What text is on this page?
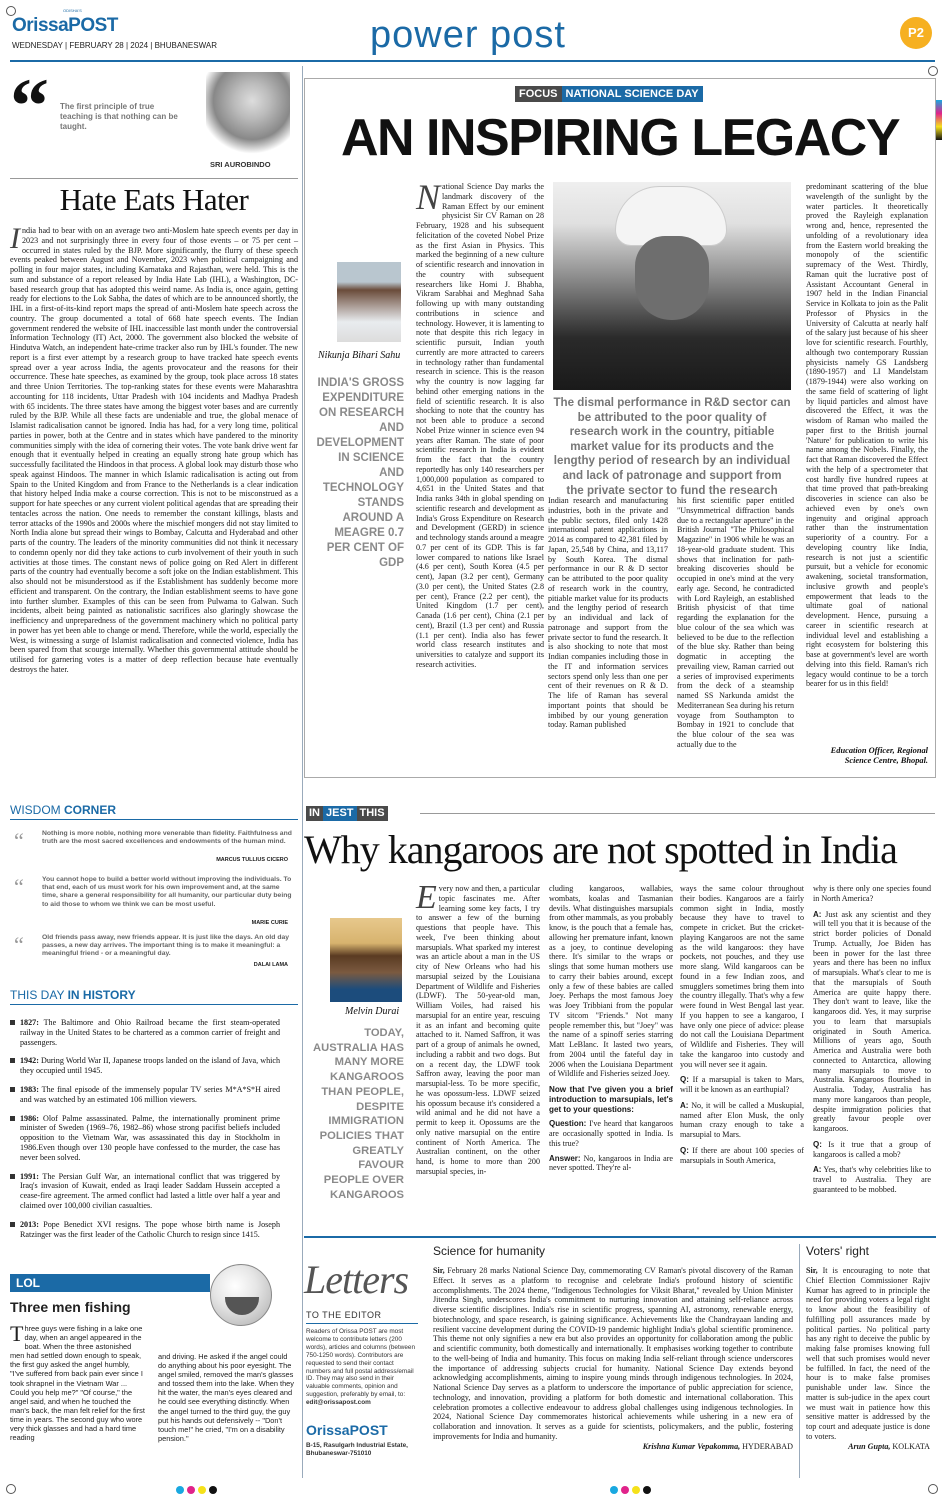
ODISHA'S
OrissaPOST
WEDNESDAY | FEBRUARY 28 | 2024 | BHUBANESWAR	power post	P2
“ The first principle of true teaching is that nothing can be taught.
SRI AUROBINDO
Hate Eats Hater
I ndia had to bear with on an average two anti-Moslem hate speech events per day in 2023 and not surprisingly three in every four of those events – or 75 per cent – occurred in states ruled by the BJP. More significantly, the flurry of these speech events peaked between August and November, 2023 when political campaigning and polling in four major states, including Karnataka and Rajasthan, were held. This is the sum and substance of a report released by India Hate Lab (IHL), a Washington, DC-based research group that has adopted this weird name. As India is, once again, getting ready for elections to the Lok Sabha, the dates of which are to be announced shortly, the IHL in a first-of-its-kind report maps the spread of anti-Moslem hate speech across the country. The group documented a total of 668 hate speech events. The Indian government rendered the website of IHL inaccessible last month under the controversial Information Technology (IT) Act, 2000. The government also blocked the website of Hindutva Watch, an independent hate-crime tracker also run by IHL's founder. The new report is a first ever attempt by a research group to have tracked hate speech events spread over a year across India, the agents provocateur and the reasons for their occurrence. These hate speeches, as examined by the group, took place across 18 states and three Union Territories. The top-ranking states for these events were Maharashtra accounting for 118 incidents, Uttar Pradesh with 104 incidents and Madhya Pradesh with 65 incidents. The three states have among the biggest voter bases and are currently ruled by the BJP. While all these facts are undeniable and true, the global menace of Islamist radicalisation cannot be ignored. India has had, for a very long time, political parties in power, both at the Centre and in states which have pandered to the minority communities simply with the idea of cornering their votes. The vote bank drive went far enough that it eventually helped in creating an equally strong hate group which has successfully facilitated the Hindoos in that process. A global look may disturb those who speak against Hindoos. The manner in which Islamic radicalisation is acting out from Spain to the United Kingdom and from France to the Netherlands is a clear indication that history helped India make a course correction. This is not to be misconstrued as a support for hate speeches or any current violent political agendas that are spreading their tentacles across the nation. One needs to remember the constant killings, blasts and terror attacks of the 1990s and 2000s where the mischief mongers did not stay limited to North India alone but spread their wings to Bombay, Calcutta and Hyderabad and other parts of the country. The leaders of the minority communities did not think it necessary to condemn openly nor did they take actions to curb involvement of their youth in such activities at those times. The constant news of police going on Red Alert in different parts of the country had eventually become a soft joke on the Indian establishment. This also should not be misunderstood as if the Establishment has suddenly become more efficient and transparent. On the contrary, the Indian establishment seems to have gone into further slumber. Examples of this can be seen from Pulwama to Galwan. Such incidents, albeit being painted as nationalistic sacrifices also glaringly showcase the inefficiency and unpreparedness of the government machinery which no political party in power has yet been able to change or mend. Therefore, while the world, especially the West, is witnessing a surge of Islamist radicalisation and connected violence, India has been spared from that scourge internally. Whether this governmental attitude should be utilised for garnering votes is a matter of deep reflection because hate eventually destroys the hater.
WISDOM CORNER
“	Nothing is more noble, nothing more venerable than fidelity. Faithfulness and truth are the most sacred excellences and endowments of the human mind.
MARCUS TULLIUS CICERO
“	You cannot hope to build a better world without improving the individuals. To that end, each of us must work for his own improvement and, at the same time, share a general responsibility for all humanity, our particular duty being to aid those to whom we think we can be most useful.
MARIE CURIE
“	Old friends pass away, new friends appear. It is just like the days. An old day passes, a new day arrives. The important thing is to make it meaningful: a meaningful friend - or a meaningful day.
DALAI LAMA
THIS DAY IN HISTORY
1827: The Baltimore and Ohio Railroad became the first steam-operated railway in the United States to be chartered as a common carrier of freight and passengers.
1942: During World War II, Japanese troops landed on the island of Java, which they occupied until 1945.
1983: The final episode of the immensely popular TV series M*A*S*H aired and was watched by an estimated 106 million viewers.
1986: Olof Palme assassinated. Palme, the internationally prominent prime minister of Sweden (1969–76, 1982–86) whose strong pacifist beliefs included opposition to the Vietnam War, was assassinated this day in Stockholm in 1986.Even though over 130 people have confessed to the murder, the case has never been solved.
1991: The Persian Gulf War, an international conflict that was triggered by Iraq's invasion of Kuwait, ended as Iraqi leader Saddam Hussein accepted a cease-fire agreement. The armed conflict had lasted a little over half a year and claimed over 100,000 civilian casualties.
2013: Pope Benedict XVI resigns. The pope whose birth name is Joseph Ratzinger was the first leader of the Catholic Church to resign since 1415.
LOL
Three men fishing
Three guys were fishing in a lake one day, when an angel appeared in the boat. When the three astonished men had settled down enough to speak, the first guy asked the angel humbly, "I've suffered from back pain ever since I took shrapnel in the Vietnam War ... Could you help me?" "Of course," the angel said, and when he touched the man's back, the man felt relief for the first time in years. The second guy who wore very thick glasses and had a hard time reading
and driving. He asked if the angel could do anything about his poor eyesight. The angel smiled, removed the man's glasses and tossed them into the lake. When they hit the water, the man's eyes cleared and he could see everything distinctly. When the angel turned to the third guy, the guy put his hands out defensively -- "Don't touch me!" he cried, "I'm on a disability pension."
FOCUS NATIONAL SCIENCE DAY
AN INSPIRING LEGACY
Nikunja Bihari Sahu
INDIA'S GROSS EXPENDITURE ON RESEARCH AND DEVELOPMENT IN SCIENCE AND TECHNOLOGY STANDS AROUND A MEAGRE 0.7 PER CENT OF GDP
National Science Day marks the landmark discovery of the Raman Effect by our eminent physicist Sir CV Raman on 28 February, 1928 and his subsequent felicitation of the coveted Nobel Prize as the first Asian in Physics. This marked the beginning of a new culture of scientific research and innovation in the country with subsequent researchers like Homi J. Bhabha, Vikram Sarabhai and Meghnad Saha following up with many outstanding contributions in science and technology. However, it is lamenting to note that despite this rich legacy in scientific pursuit, Indian youth currently are more attracted to careers in technology rather than fundamental research in science. This is the reason why the country is now lagging far behind other emerging nations in the field of scientific research. It is also shocking to note that the country has not been able to produce a second Nobel Prize winner in science even 94 years after Raman. The state of poor scientific research in India is evident from the fact that the country reportedly has only 140 researchers per 1,000,000 population as compared to 4,651 in the United States and that India ranks 34th in global spending on scientific research and development as India's Gross Expenditure on Research and Development (GERD) in science and technology stands around a meagre 0.7 per cent of its GDP. This is far lower compared to nations like Israel (4.6 per cent), South Korea (4.5 per cent), Japan (3.2 per cent), Germany (3.0 per cent), the United States (2.8 per cent), France (2.2 per cent), the United Kingdom (1.7 per cent), Canada (1.6 per cent), China (2.1 per cent), Brazil (1.3 per cent) and Russia (1.1 per cent). India also has fewer world class research institutes and universities to catalyze and support its research activities.
The dismal performance in R&D sector can be attributed to the poor quality of research work in the country, pitiable market value for its products and the lengthy period of research by an individual and lack of patronage and support from the private sector to fund the research
Indian research and manufacturing industries, both in the private and the public sectors, filed only 1428 international patent applications in 2014 as compared to 42,381 filed by Japan, 25,548 by China, and 13,117 by South Korea. The dismal performance in our R & D sector can be attributed to the poor quality of research work in the country, pitiable market value for its products and the lengthy period of research by an individual and lack of patronage and support from the private sector to fund the research. It is also shocking to note that most Indian companies including those in the IT and information services sectors spend only less than one per cent of their revenues on R & D. The life of Raman has several important points that should be imbibed by our young generation today. Raman published
his first scientific paper entitled "Unsymmetrical diffraction bands due to a rectangular aperture" in the British Journal "The Philosophical Magazine" in 1906 while he was an 18-year-old graduate student. This shows that inclination for path-breaking discoveries should be occupied in one's mind at the very early age. Second, he contradicted with Lord Rayleigh, an established British physicist of that time regarding the explanation for the blue colour of the sea which was believed to be due to the reflection of the blue sky. Rather than being dogmatic in accepting the prevailing view, Raman carried out a series of improvised experiments from the deck of a steamship named SS Narkunda amidst the Mediterranean Sea during his return voyage from Southampton to Bombay in 1921 to conclude that the blue colour of the sea was actually due to the
predominant scattering of the blue wavelength of the sunlight by the water particles. It theoretically proved the Rayleigh explanation wrong and, hence, represented the unfolding of a revolutionary idea from the Eastern world breaking the monopoly of the scientific supremacy of the West. Thirdly, Raman quit the lucrative post of Assistant Accountant General in 1907 held in the Indian Financial Service in Kolkata to join as the Palit Professor of Physics in the University of Calcutta at nearly half of the salary just because of his sheer love for scientific research. Fourthly, although two contemporary Russian physicists namely GS Landsberg (1890-1957) and LI Mandelstam (1879-1944) were also working on the same field of scattering of light by liquid particles and almost have discovered the Effect, it was the wisdom of Raman who mailed the paper first to the British journal 'Nature' for publication to write his name among the Nobels. Finally, the fact that Raman discovered the Effect with the help of a spectrometer that cost hardly five hundred rupees at that time proved that path-breaking discoveries in science can also be achieved even by one's own ingenuity and original approach rather than the instrumentation superiority of a country. For a developing country like India, research is not just a scientific pursuit, but a vehicle for economic awakening, societal transformation, inclusive growth and people's empowerment that leads to the ultimate goal of national development. Hence, pursuing a career in scientific research at individual level and establishing a right ecosystem for bolstering this base at government's level are worth delving into this field. Raman's rich legacy would continue to be a torch bearer for us in this field!
Education Officer, Regional Science Centre, Bhopal.
IN JEST THIS
Why kangaroos are not spotted in India
Melvin Durai
TODAY, AUSTRALIA HAS MANY MORE KANGAROOS THAN PEOPLE, DESPITE IMMIGRATION POLICIES THAT GREATLY FAVOUR PEOPLE OVER KANGAROOS
Every now and then, a particular topic fascinates me. After learning some key facts, I try to answer a few of the burning questions that people have. This week, I've been thinking about marsupials. What sparked my interest was an article about a man in the US city of New Orleans who had his marsupial seized by the Louisiana Department of Wildlife and Fisheries (LDWF). The 50-year-old man, William Voiles, had raised his marsupial for an entire year, rescuing it as an infant and becoming quite attached to it. Named Saffron, it was part of a group of animals he owned, including a rabbit and two dogs. But on a recent day, the LDWF took Saffron away, leaving the poor man marsupial-less. To be more specific, he was opossum-less. LDWF seized his opossum because it's considered a wild animal and he did not have a permit to keep it. Opossums are the only native marsupial on the entire continent of North America. The Australian continent, on the other hand, is home to more than 200 marsupial species, in-

cluding kangaroos, wallabies, wombats, koalas and Tasmanian devils. What distinguishes marsupials from other mammals, as you probably know, is the pouch that a female has, allowing her premature infant, known as a joey, to continue developing there. It's similar to the wraps or slings that some human mothers use to carry their babies around, except only a few of these babies are called Joey. Perhaps the most famous Joey was Joey Tribbiani from the popular TV sitcom "Friends." Not many people remember this, but "Joey" was the name of a spinoff series starring Matt LeBlanc. It lasted two years, from 2004 until the fateful day in 2006 when the Louisiana Department of Wildlife and Fisheries seized Joey.

Now that I've given you a brief introduction to marsupials, let's get to your questions:

Question: I've heard that kangaroos are occasionally spotted in India. Is this true?

Answer: No, kangaroos in India are never spotted. They're al-

ways the same colour throughout their bodies. Kangaroos are a fairly common sight in India, mostly because they have to travel to compete in cricket. But the cricket-playing Kangaroos are not the same as the wild kangaroos: they have pockets, not pouches, and they use more slang. Wild kangaroos can be found in a few Indian zoos, and smugglers sometimes bring them into the country illegally. That's why a few were found in West Bengal last year. If you happen to see a kangaroo, I have only one piece of advice: please do not call the Louisiana Department of Wildlife and Fisheries. They will take the kangaroo into custody and you will never see it again.

Q: If a marsupial is taken to Mars, will it be known as an earthupial?

A: No, it will be called a Muskupial, named after Elon Musk, the only human crazy enough to take a marsupial to Mars.

Q: If there are about 100 species of marsupials in South America,

why is there only one species found in North America?

A: Just ask any scientist and they will tell you that it is because of the strict border policies of Donald Trump. Actually, Joe Biden has been in power for the last three years and there has been no influx of marsupials. What's clear to me is that the marsupials of South America are quite happy there. They don't want to leave, like the kangaroos did. Yes, it may surprise you to learn that marsupials originated in South America. Millions of years ago, South America and Australia were both connected to Antarctica, allowing many marsupials to move to Australia. Kangaroos flourished in Australia. Today, Australia has many more kangaroos than people, despite immigration policies that greatly favour people over kangaroos.

Q: Is it true that a group of kangaroos is called a mob?

A: Yes, that's why celebrities like to travel to Australia. They are guaranteed to be mobbed.

Letters
TO THE EDITOR
Readers of Orissa POST are most welcome to contribute letters (200 words), articles and columns (between 750-1250 words). Contributors are requested to send their contact numbers and full postal address/email ID. They may also send in their valuable comments, opinion and suggestion, preferably by email, to: edit@orissapost.com
OrissaPOST
B-15, Rasulgarh Industrial Estate, Bhubaneswar-751010
Science for humanity
Sir, February 28 marks National Science Day, commemorating CV Raman's pivotal discovery of the Raman Effect. It serves as a platform to recognise and celebrate India's profound history of scientific accomplishments. The 2024 theme, "Indigenous Technologies for Viksit Bharat," revealed by Union Minister Jitendra Singh, underscores India's commitment to nurturing innovation and attaining self-reliance across diverse scientific disciplines. India's rise in scientific progress, spanning AI, astronomy, renewable energy, biotechnology, and space research, is gaining significance. Achievements like the Chandrayaan landing and resilient vaccine development during the COVID-19 pandemic highlight India's global scientific prominence. This theme not only signifies a new era but also provides an opportunity for collaboration among the public and scientific community, both domestically and internationally. It emphasises working together to contribute to the well-being of India and humanity. This focus on making India self-reliant through science underscores the importance of addressing subjects crucial for humanity. National Science Day extends beyond acknowledging accomplishments, aiming to inspire young minds through indigenous technologies. In 2024, National Science Day serves as a platform to underscore the importance of public appreciation for science, technology, and innovation, providing a platform for both domestic and international collaboration. This celebration promotes a collective endeavour to address global challenges using indigenous technologies. In 2024, National Science Day commemorates historical achievements while ushering in a new era of collaboration and innovation. It serves as a guide for scientists, policymakers, and the public, fostering improvements for India and humanity.
Krishna Kumar Vepakomma, HYDERABAD
Voters' right
Sir, It is encouraging to note that Chief Election Commissioner Rajiv Kumar has agreed to in principle the need for providing voters a legal right to know about the feasibility of fulfilling poll assurances made by political parties. No political party has any right to deceive the public by making false promises knowing full well that such promises would never be fulfilled. In fact, the need of the hour is to make false promises punishable under law. Since the matter is sub-judice in the apex court we must wait in patience how this sensitive matter is addressed by the top court and adequate justice is done to voters.
Arun Gupta, KOLKATA
